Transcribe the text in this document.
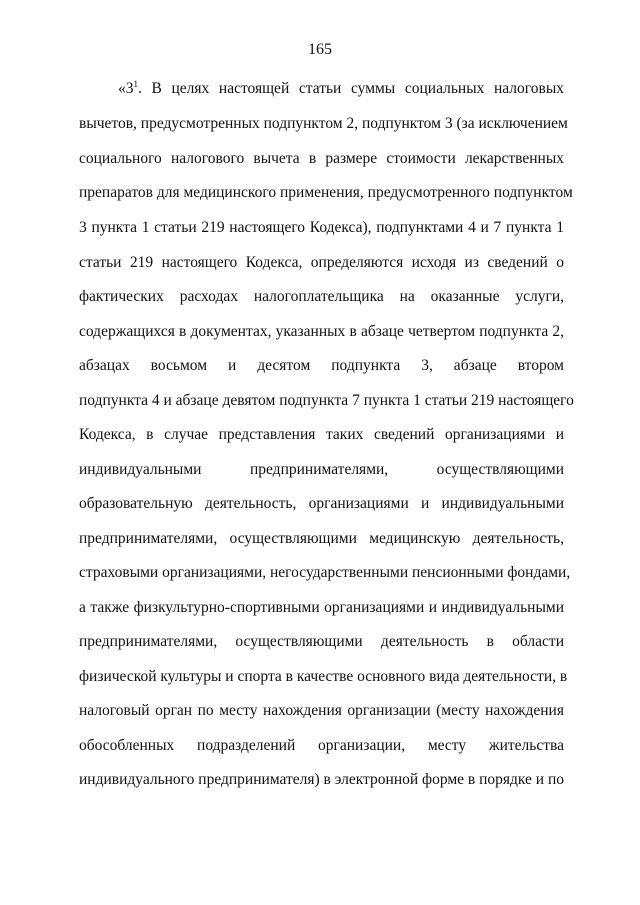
165
«$3^1$. В целях настоящей статьи суммы социальных налоговых
вычетов, предусмотренных подпунктом 2, подпунктом 3 (за исключением
социального налогового вычета в размере стоимости лекарственных
препаратов для медицинского применения, предусмотренного подпунктом
3 пункта 1 статьи 219 настоящего Кодекса), подпунктами 4 и 7 пункта 1
статьи 219 настоящего Кодекса, определяются исходя из сведений о
фактических расходах налогоплательщика на оказанные услуги,
содержащихся в документах, указанных в абзаце четвертом подпункта 2,
абзацах восьмом и десятом подпункта 3, абзаце втором
подпункта 4 и абзаце девятом подпункта 7 пункта 1 статьи 219 настоящего
Кодекса, в случае представления таких сведений организациями и
индивидуальными предпринимателями, осуществляющими
образовательную деятельность, организациями и индивидуальными
предпринимателями, осуществляющими медицинскую деятельность,
страховыми организациями, негосударственными пенсионными фондами,
а также физкультурно-спортивными организациями и индивидуальными
предпринимателями, осуществляющими деятельность в области
физической культуры и спорта в качестве основного вида деятельности, в
налоговый орган по месту нахождения организации (месту нахождения
обособленных подразделений организации, месту жительства
индивидуального предпринимателя) в электронной форме в порядке и по
